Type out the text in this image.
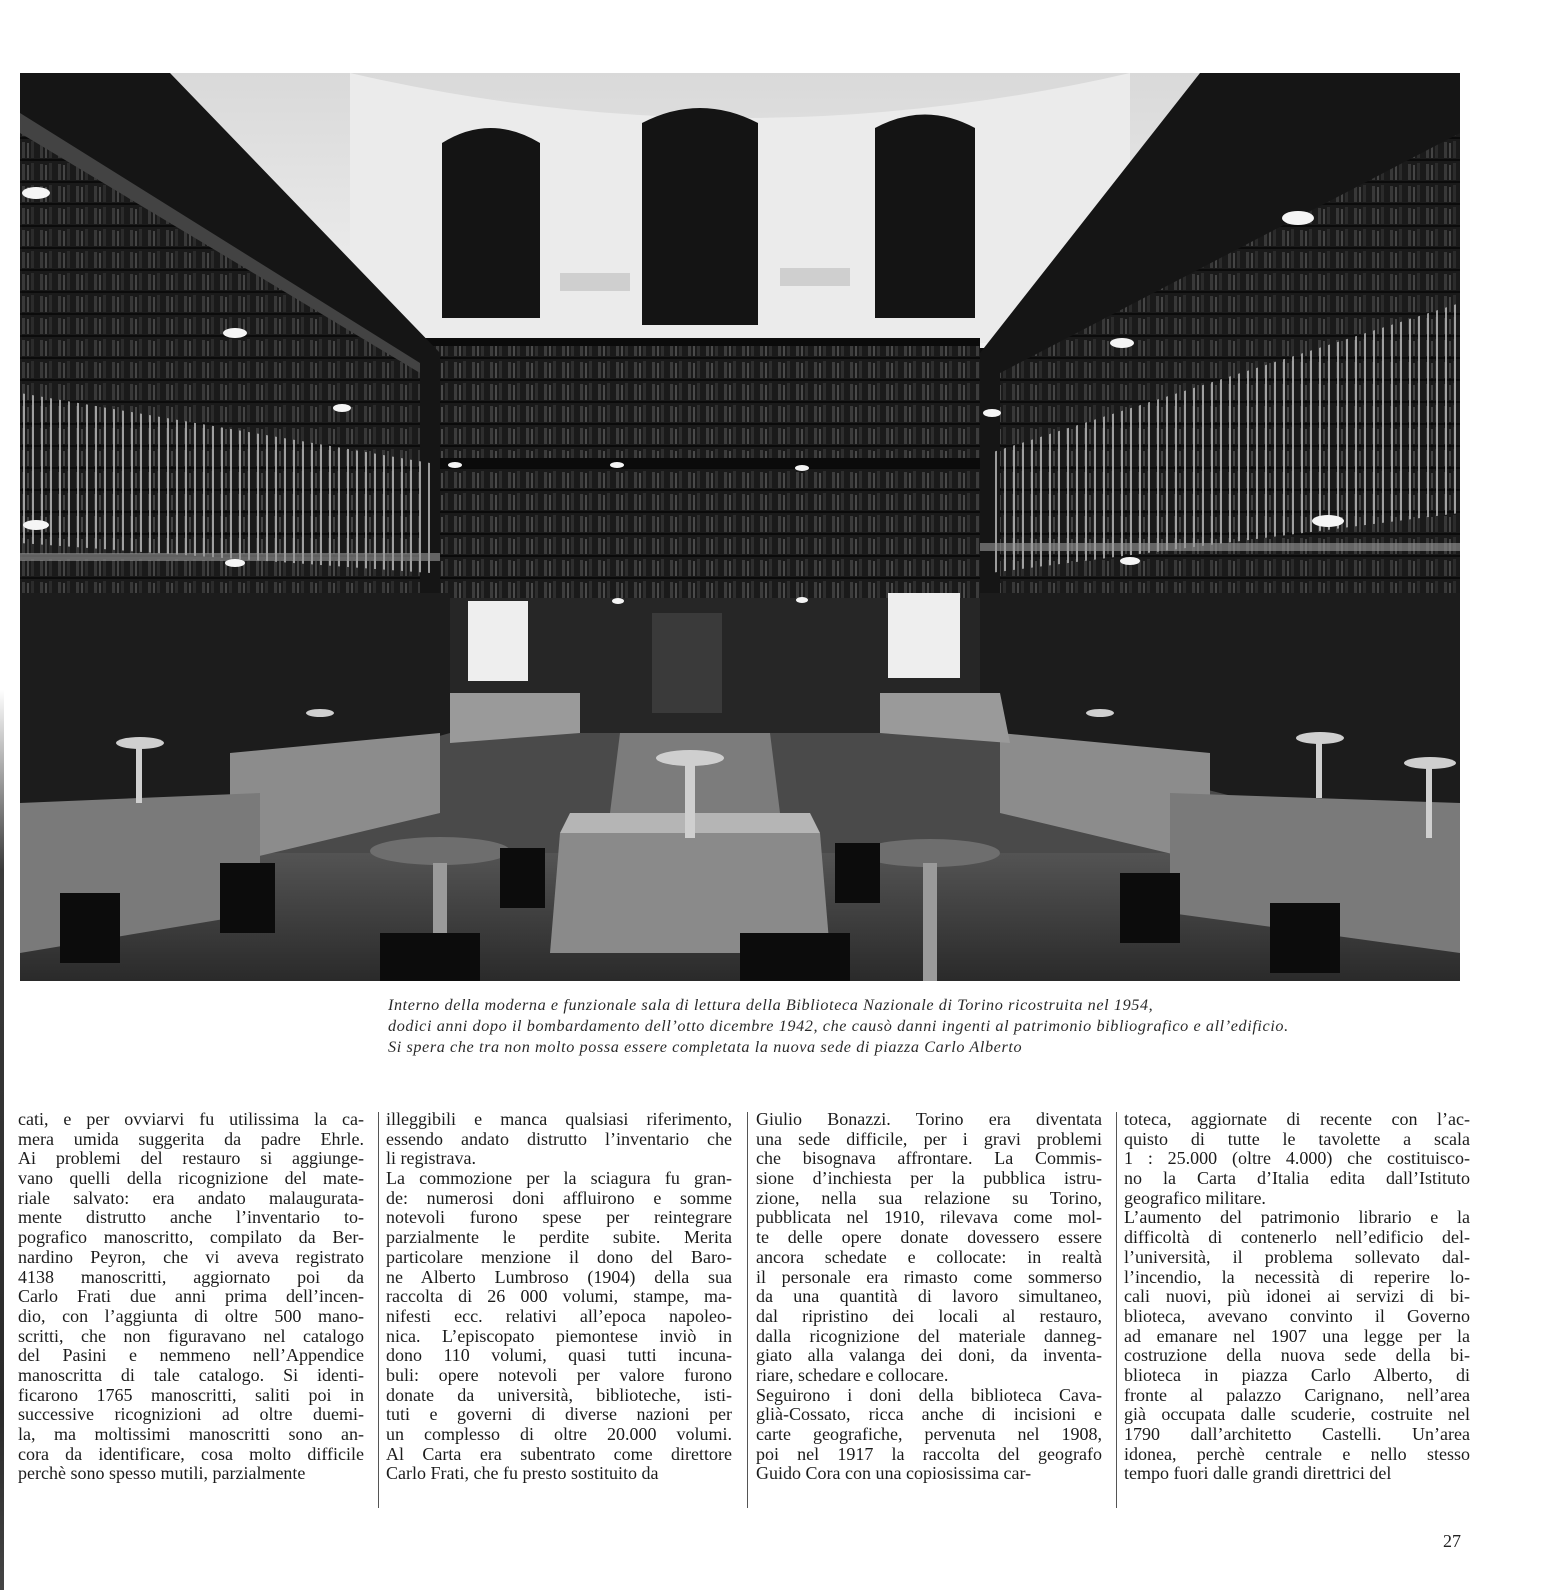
Interno della moderna e funzionale sala di lettura della Biblioteca Nazionale di Torino ricostruita nel 1954,
dodici anni dopo il bombardamento dell’otto dicembre 1942, che causò danni ingenti al patrimonio bibliografico e all’edificio.
Si spera che tra non molto possa essere completata la nuova sede di piazza Carlo Alberto
cati, e per ovviarvi fu utilissima la ca-
mera umida suggerita da padre Ehrle.
Ai problemi del restauro si aggiunge-
vano quelli della ricognizione del mate-
riale salvato: era andato malaugurata-
mente distrutto anche l’inventario to-
pografico manoscritto, compilato da Ber-
nardino Peyron, che vi aveva registrato
4138 manoscritti, aggiornato poi da
Carlo Frati due anni prima dell’incen-
dio, con l’aggiunta di oltre 500 mano-
scritti, che non figuravano nel catalogo
del Pasini e nemmeno nell’Appendice
manoscritta di tale catalogo. Si identi-
ficarono 1765 manoscritti, saliti poi in
successive ricognizioni ad oltre duemi-
la, ma moltissimi manoscritti sono an-
cora da identificare, cosa molto difficile
perchè sono spesso mutili, parzialmente
illeggibili e manca qualsiasi riferimento,
essendo andato distrutto l’inventario che
li registrava.
La commozione per la sciagura fu gran-
de: numerosi doni affluirono e somme
notevoli furono spese per reintegrare
parzialmente le perdite subite. Merita
particolare menzione il dono del Baro-
ne Alberto Lumbroso (1904) della sua
raccolta di 26 000 volumi, stampe, ma-
nifesti ecc. relativi all’epoca napoleo-
nica. L’episcopato piemontese inviò in
dono 110 volumi, quasi tutti incuna-
buli: opere notevoli per valore furono
donate da università, biblioteche, isti-
tuti e governi di diverse nazioni per
un complesso di oltre 20.000 volumi.
Al Carta era subentrato come direttore
Carlo Frati, che fu presto sostituito da
Giulio Bonazzi. Torino era diventata
una sede difficile, per i gravi problemi
che bisognava affrontare. La Commis-
sione d’inchiesta per la pubblica istru-
zione, nella sua relazione su Torino,
pubblicata nel 1910, rilevava come mol-
te delle opere donate dovessero essere
ancora schedate e collocate: in realtà
il personale era rimasto come sommerso
da una quantità di lavoro simultaneo,
dal ripristino dei locali al restauro,
dalla ricognizione del materiale danneg-
giato alla valanga dei doni, da inventa-
riare, schedare e collocare.
Seguirono i doni della biblioteca Cava-
glià-Cossato, ricca anche di incisioni e
carte geografiche, pervenuta nel 1908,
poi nel 1917 la raccolta del geografo
Guido Cora con una copiosissima car-
toteca, aggiornate di recente con l’ac-
quisto di tutte le tavolette a scala
1 : 25.000 (oltre 4.000) che costituisco-
no la Carta d’Italia edita dall’Istituto
geografico militare.
L’aumento del patrimonio librario e la
difficoltà di contenerlo nell’edificio del-
l’università, il problema sollevato dal-
l’incendio, la necessità di reperire lo-
cali nuovi, più idonei ai servizi di bi-
blioteca, avevano convinto il Governo
ad emanare nel 1907 una legge per la
costruzione della nuova sede della bi-
blioteca in piazza Carlo Alberto, di
fronte al palazzo Carignano, nell’area
già occupata dalle scuderie, costruite nel
1790 dall’architetto Castelli. Un’area
idonea, perchè centrale e nello stesso
tempo fuori dalle grandi direttrici del
27
